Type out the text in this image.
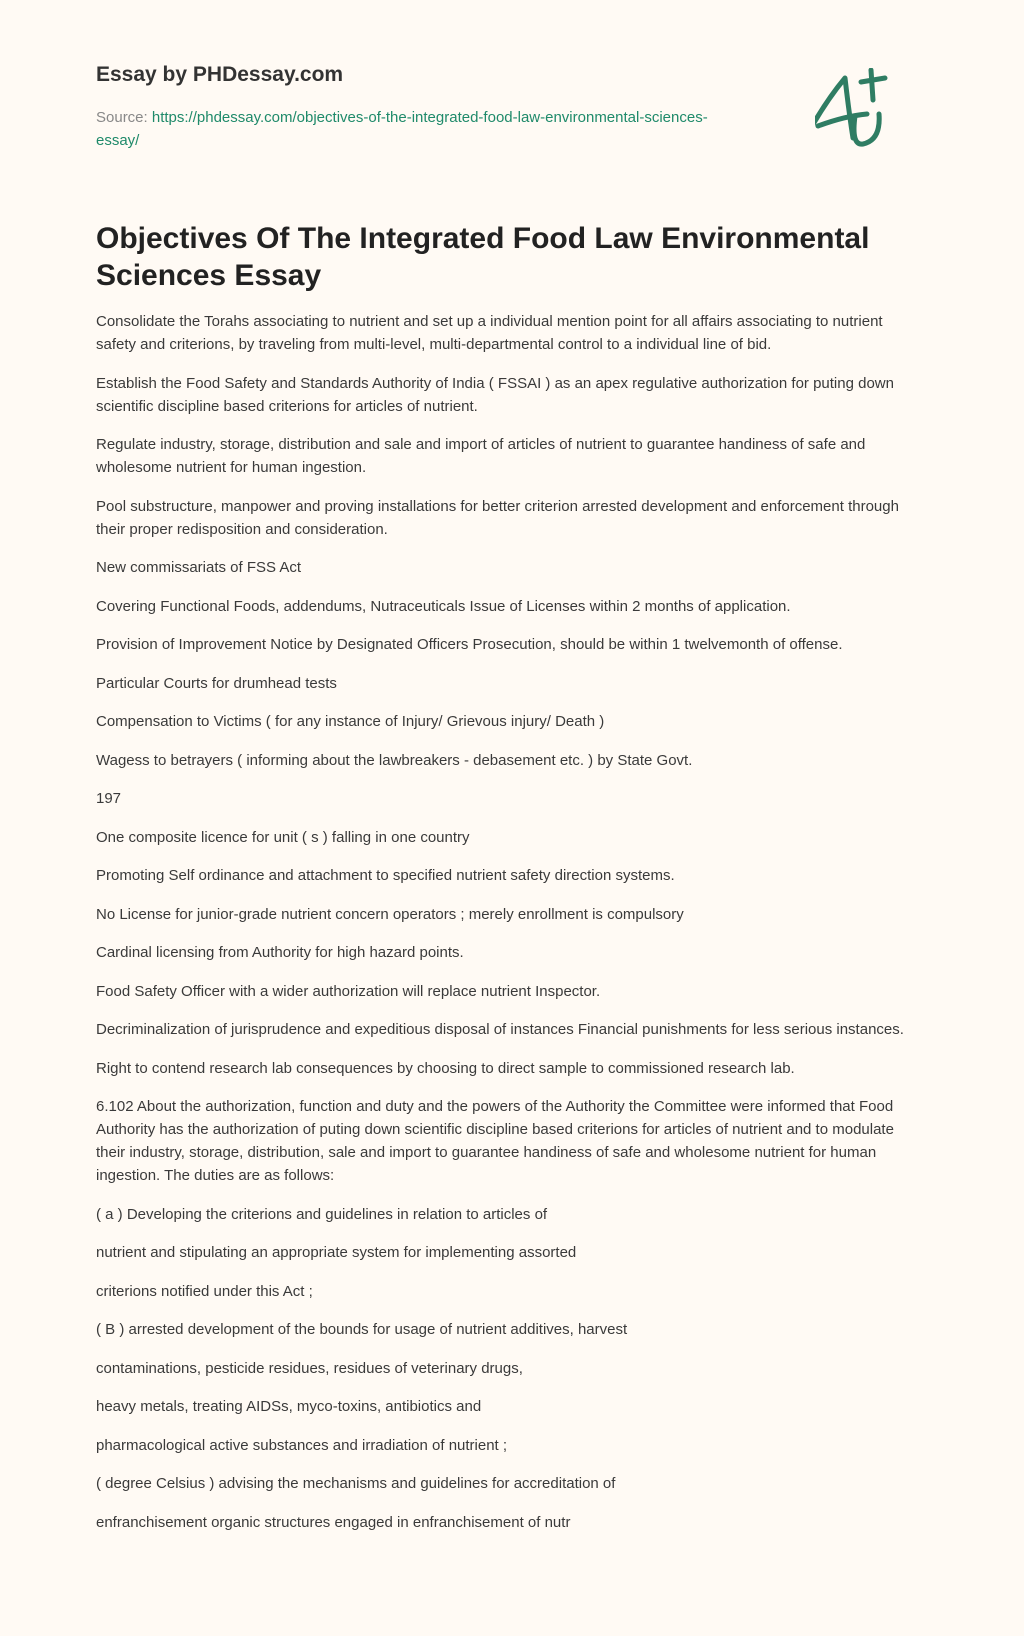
Essay by PHDessay.com
Source: https://phdessay.com/objectives-of-the-integrated-food-law-environmental-sciences-essay/
Objectives Of The Integrated Food Law Environmental Sciences Essay

Consolidate the Torahs associating to nutrient and set up a individual mention point for all affairs associating to nutrient safety and criterions, by traveling from multi-level, multi-departmental control to a individual line of bid.

Establish the Food Safety and Standards Authority of India ( FSSAI ) as an apex regulative authorization for puting down scientific discipline based criterions for articles of nutrient.

Regulate industry, storage, distribution and sale and import of articles of nutrient to guarantee handiness of safe and wholesome nutrient for human ingestion.

Pool substructure, manpower and proving installations for better criterion arrested development and enforcement through their proper redisposition and consideration.

New commissariats of FSS Act

Covering Functional Foods, addendums, Nutraceuticals Issue of Licenses within 2 months of application.

Provision of Improvement Notice by Designated Officers Prosecution, should be within 1 twelvemonth of offense.

Particular Courts for drumhead tests

Compensation to Victims ( for any instance of Injury/ Grievous injury/ Death )

Wagess to betrayers ( informing about the lawbreakers - debasement etc. ) by State Govt.

197

One composite licence for unit ( s ) falling in one country

Promoting Self ordinance and attachment to specified nutrient safety direction systems.

No License for junior-grade nutrient concern operators ; merely enrollment is compulsory

Cardinal licensing from Authority for high hazard points.

Food Safety Officer with a wider authorization will replace nutrient Inspector.

Decriminalization of jurisprudence and expeditious disposal of instances Financial punishments for less serious instances.

Right to contend research lab consequences by choosing to direct sample to commissioned research lab.

6.102 About the authorization, function and duty and the powers of the Authority the Committee were informed that Food Authority has the authorization of puting down scientific discipline based criterions for articles of nutrient and to modulate their industry, storage, distribution, sale and import to guarantee handiness of safe and wholesome nutrient for human ingestion. The duties are as follows:

( a ) Developing the criterions and guidelines in relation to articles of

nutrient and stipulating an appropriate system for implementing assorted

criterions notified under this Act ;

( B ) arrested development of the bounds for usage of nutrient additives, harvest

contaminations, pesticide residues, residues of veterinary drugs,

heavy metals, treating AIDSs, myco-toxins, antibiotics and

pharmacological active substances and irradiation of nutrient ;

( degree Celsius ) advising the mechanisms and guidelines for accreditation of

enfranchisement organic structures engaged in enfranchisement of nutr
